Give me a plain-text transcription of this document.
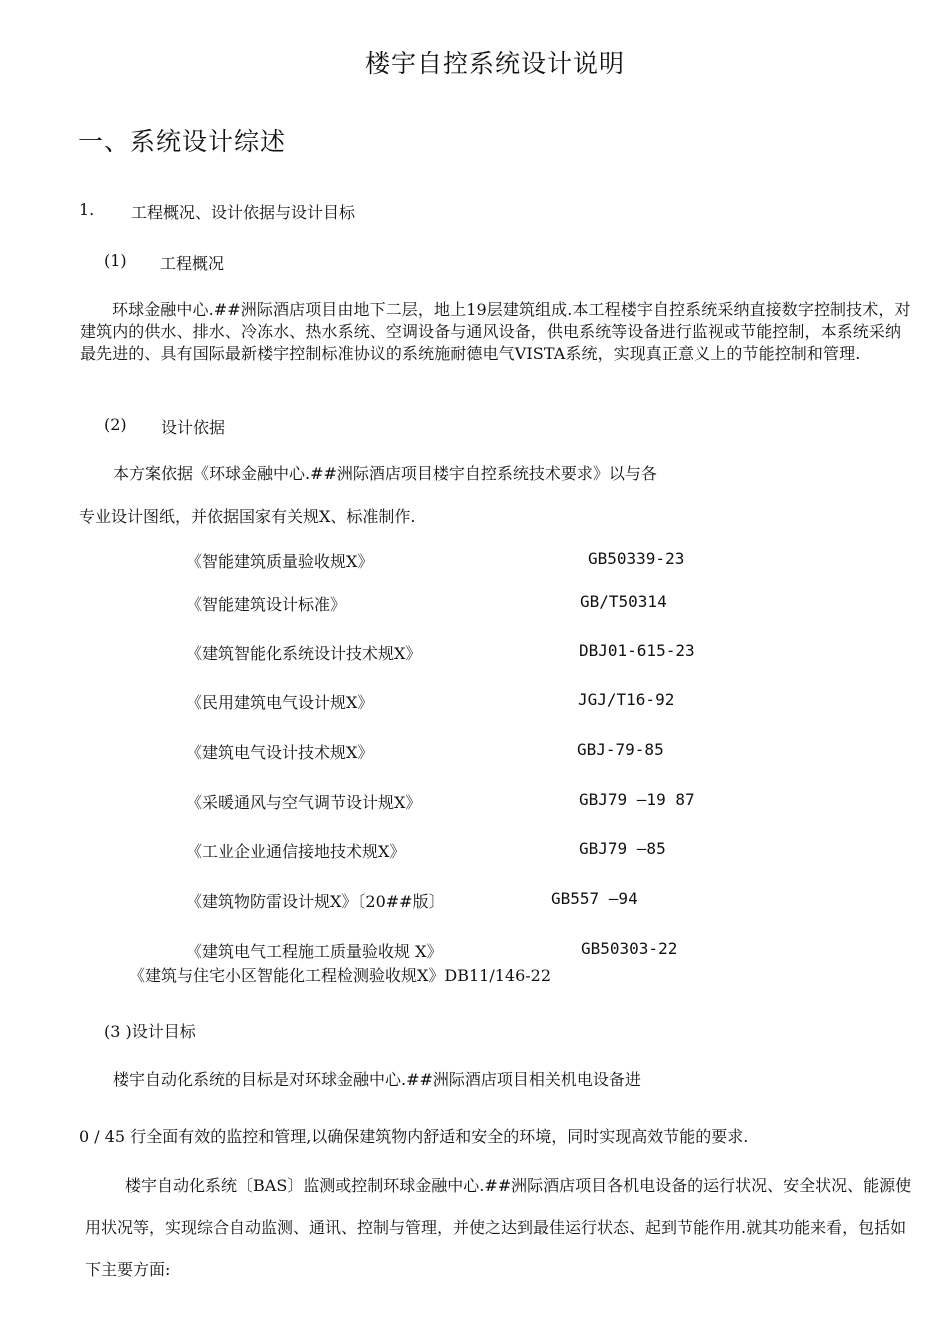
楼宇自控系统设计说明
一、系统设计综述
1. 工程概况、设计依据与设计目标
(1) 工程概况
环球金融中心.##洲际酒店项目由地下二层，地上19层建筑组成.本工程楼宇自控系统采纳直接数字控制技术，对建筑内的供水、排水、冷冻水、热水系统、空调设备与通风设备，供电系统等设备进行监视或节能控制，本系统采纳最先进的、具有国际最新楼宇控制标准协议的系统施耐德电气VISTA系统，实现真正意义上的节能控制和管理.
(2) 设计依据
本方案依据《环球金融中心.##洲际酒店项目楼宇自控系统技术要求》以与各
专业设计图纸，并依据国家有关规X、标准制作.
《智能建筑质量验收规X》	GB50339-23
《智能建筑设计标准》	GB/T50314
《建筑智能化系统设计技术规X》	DBJ01-615-23
《民用建筑电气设计规X》	JGJ/T16-92
《建筑电气设计技术规X》	GBJ-79-85
《采暖通风与空气调节设计规X》	GBJ79 —19 87
《工业企业通信接地技术规X》	GBJ79 —85
《建筑物防雷设计规X》〔20##版〕	GB557 —94
《建筑电气工程施工质量验收规 X》	GB50303-22
《建筑与住宅小区智能化工程检测验收规X》DB11/146-22
(3 )设计目标
楼宇自动化系统的目标是对环球金融中心.##洲际酒店项目相关机电设备进
0 / 45 行全面有效的监控和管理,以确保建筑物内舒适和安全的环境，同时实现高效节能的要求.
楼宇自动化系统〔BAS〕监测或控制环球金融中心.##洲际酒店项目各机电设备的运行状况、安全状况、能源使用状况等，实现综合自动监测、通讯、控制与管理，并使之达到最佳运行状态、起到节能作用.就其功能来看，包括如下主要方面:
